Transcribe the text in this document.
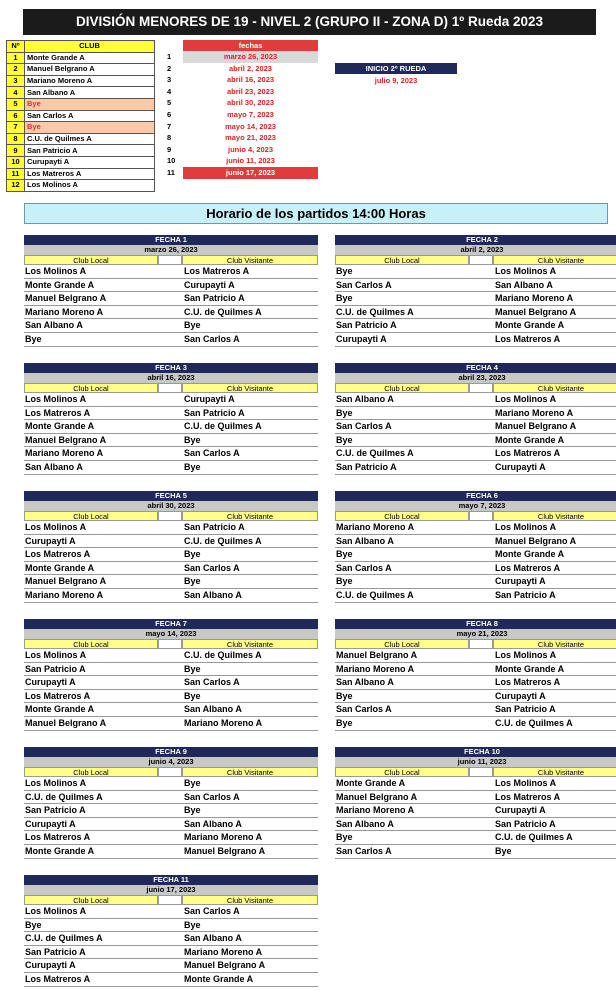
DIVISIÓN MENORES DE 19 - NIVEL 2 (GRUPO II - ZONA D) 1º Rueda 2023
Nº	CLUB
1	Monte Grande A
2	Manuel Belgrano A
3	Mariano Moreno A
4	San Albano A
5	Bye
6	San Carlos A
7	Bye
8	C.U. de Quilmes A
9	San Patricio A
10	Curupayti A
11	Los Matreros A
12	Los Molinos A
fechas
1	marzo 26, 2023
2	abril 2, 2023
3	abril 16, 2023
4	abril 23, 2023
5	abril 30, 2023
6	mayo 7, 2023
7	mayo 14, 2023
8	mayo 21, 2023
9	junio 4, 2023
10	junio 11, 2023
11	junio 17, 2023
INICIO 2º RUEDA
julio 9, 2023
Horario de los partidos 14:00 Horas
FECHA 1
marzo 26, 2023
Club Local	Club Visitante
Los Molinos A	Los Matreros A
Monte Grande A	Curupayti A
Manuel Belgrano A	San Patricio A
Mariano Moreno A	C.U. de Quilmes A
San Albano A	Bye
Bye	San Carlos A
FECHA 2
abril 2, 2023
Club Local	Club Visitante
Bye	Los Molinos A
San Carlos A	San Albano A
Bye	Mariano Moreno A
C.U. de Quilmes A	Manuel Belgrano A
San Patricio A	Monte Grande A
Curupayti A	Los Matreros A
FECHA 3
abril 16, 2023
Club Local	Club Visitante
Los Molinos A	Curupayti A
Los Matreros A	San Patricio A
Monte Grande A	C.U. de Quilmes A
Manuel Belgrano A	Bye
Mariano Moreno A	San Carlos A
San Albano A	Bye
FECHA 4
abril 23, 2023
Club Local	Club Visitante
San Albano A	Los Molinos A
Bye	Mariano Moreno A
San Carlos A	Manuel Belgrano A
Bye	Monte Grande A
C.U. de Quilmes A	Los Matreros A
San Patricio A	Curupayti A
FECHA 5
abril 30, 2023
Club Local	Club Visitante
Los Molinos A	San Patricio A
Curupayti A	C.U. de Quilmes A
Los Matreros A	Bye
Monte Grande A	San Carlos A
Manuel Belgrano A	Bye
Mariano Moreno A	San Albano A
FECHA 6
mayo 7, 2023
Club Local	Club Visitante
Mariano Moreno A	Los Molinos A
San Albano A	Manuel Belgrano A
Bye	Monte Grande A
San Carlos A	Los Matreros A
Bye	Curupayti A
C.U. de Quilmes A	San Patricio A
FECHA 7
mayo 14, 2023
Club Local	Club Visitante
Los Molinos A	C.U. de Quilmes A
San Patricio A	Bye
Curupayti A	San Carlos A
Los Matreros A	Bye
Monte Grande A	San Albano A
Manuel Belgrano A	Mariano Moreno A
FECHA 8
mayo 21, 2023
Club Local	Club Visitante
Manuel Belgrano A	Los Molinos A
Mariano Moreno A	Monte Grande A
San Albano A	Los Matreros A
Bye	Curupayti A
San Carlos A	San Patricio A
Bye	C.U. de Quilmes A
FECHA 9
junio 4, 2023
Club Local	Club Visitante
Los Molinos A	Bye
C.U. de Quilmes A	San Carlos A
San Patricio A	Bye
Curupayti A	San Albano A
Los Matreros A	Mariano Moreno A
Monte Grande A	Manuel Belgrano A
FECHA 10
junio 11, 2023
Club Local	Club Visitante
Monte Grande A	Los Molinos A
Manuel Belgrano A	Los Matreros A
Mariano Moreno A	Curupayti A
San Albano A	San Patricio A
Bye	C.U. de Quilmes A
San Carlos A	Bye
FECHA 11
junio 17, 2023
Club Local	Club Visitante
Los Molinos A	San Carlos A
Bye	Bye
C.U. de Quilmes A	San Albano A
San Patricio A	Mariano Moreno A
Curupayti A	Manuel Belgrano A
Los Matreros A	Monte Grande A
